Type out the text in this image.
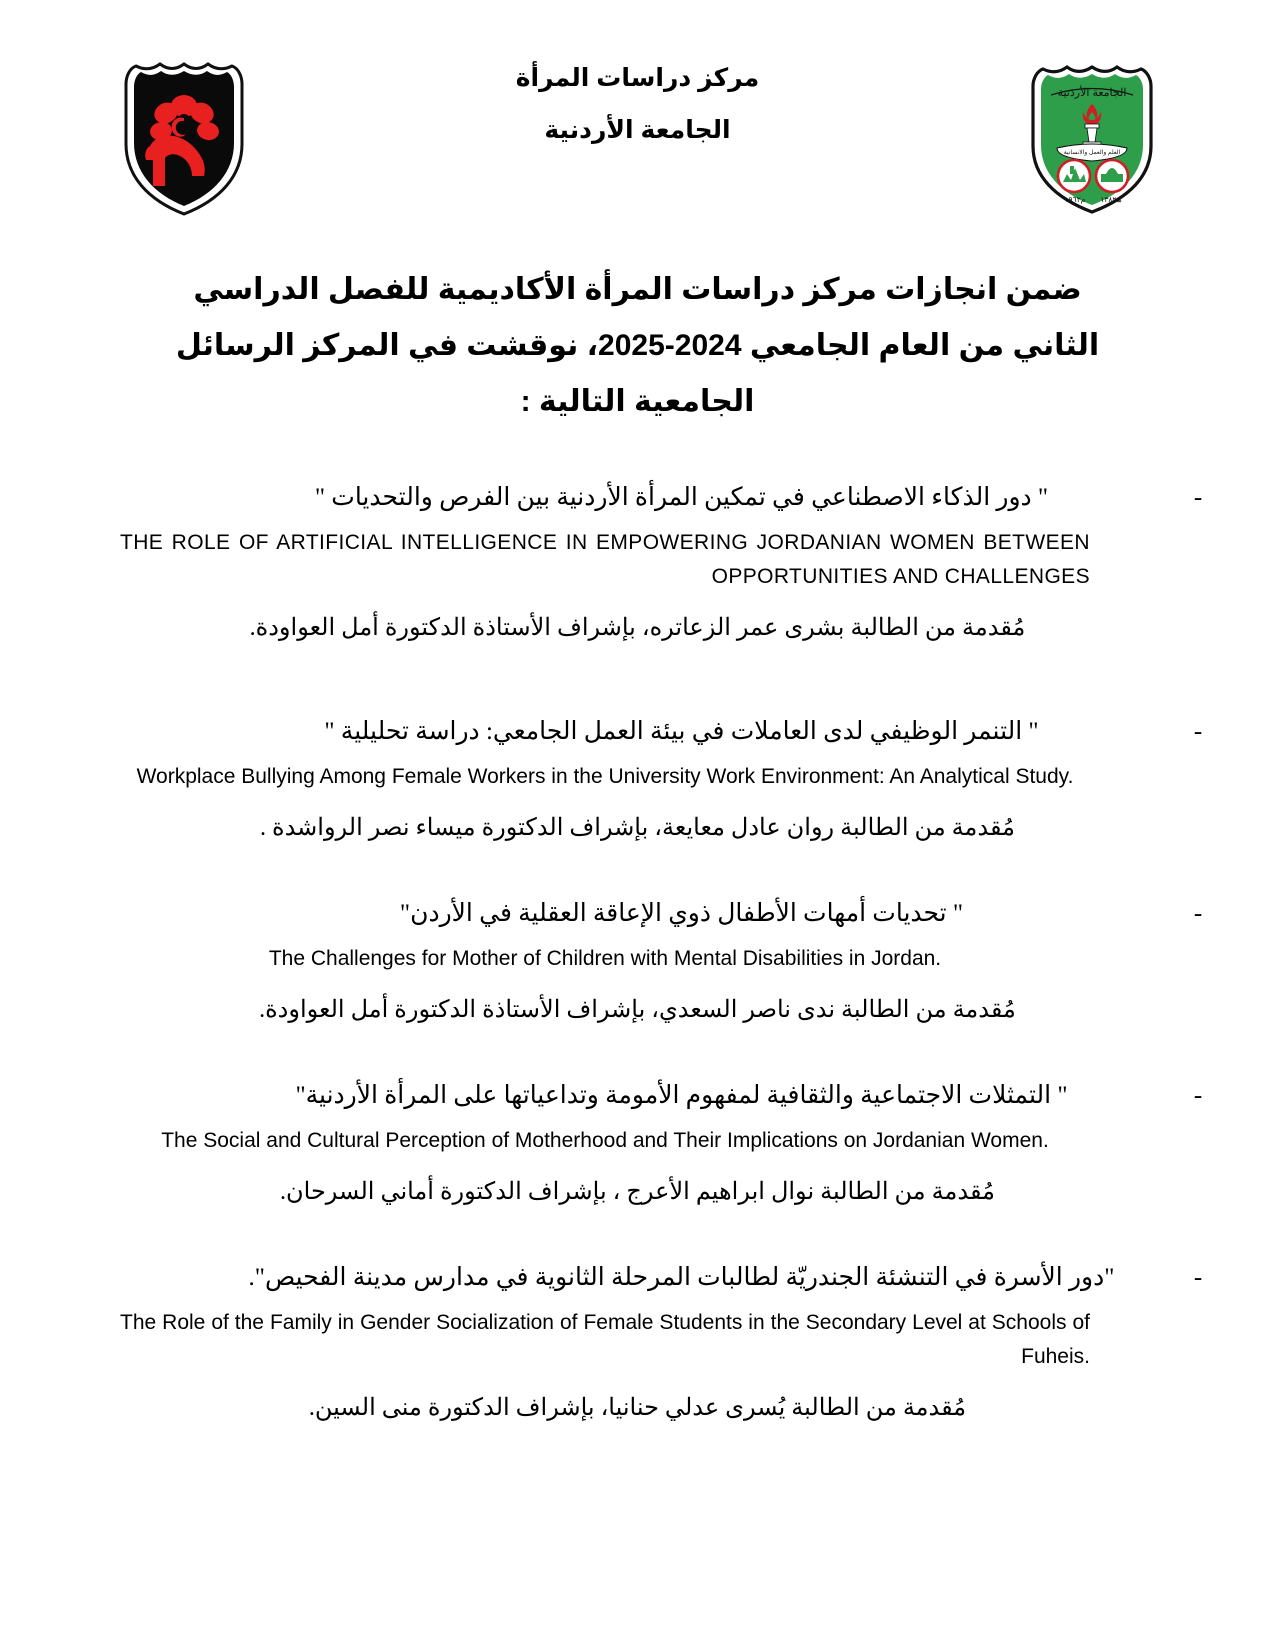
مركز دراسات المرأة
الجامعة الأردنية
الجامعة الأردنية
العلم والعمل والانسانية
م١٩٦٢ ھ١٣٨٢
ضمن انجازات مركز دراسات المرأة الأكاديمية للفصل الدراسي الثاني من العام الجامعي 2024-2025، نوقشت في المركز الرسائل الجامعية التالية :
-
" دور الذكاء الاصطناعي في تمكين المرأة الأردنية بين الفرص والتحديات "
THE ROLE OF ARTIFICIAL INTELLIGENCE IN EMPOWERING JORDANIAN WOMEN BETWEEN OPPORTUNITIES AND CHALLENGES
مُقدمة من الطالبة بشرى عمر الزعاتره، بإشراف الأستاذة الدكتورة أمل العواودة.
-
" التنمر الوظيفي لدى العاملات في بيئة العمل الجامعي: دراسة تحليلية "
Workplace Bullying Among Female Workers in the University Work Environment: An Analytical Study.
مُقدمة من الطالبة روان عادل معايعة، بإشراف الدكتورة ميساء نصر الرواشدة .
-
" تحديات أمهات الأطفال ذوي الإعاقة العقلية في الأردن"
The Challenges for Mother of Children with Mental Disabilities in Jordan.
مُقدمة من الطالبة ندى ناصر السعدي، بإشراف الأستاذة الدكتورة أمل العواودة.
-
" التمثلات الاجتماعية والثقافية لمفهوم الأمومة وتداعياتها على المرأة الأردنية"
The Social and Cultural Perception of Motherhood and Their Implications on Jordanian Women.
مُقدمة من الطالبة نوال ابراهيم الأعرج ، بإشراف الدكتورة أماني السرحان.
-
"دور الأسرة في التنشئة الجندريّة لطالبات المرحلة الثانوية في مدارس مدينة الفحيص".
The Role of the Family in Gender Socialization of Female Students in the Secondary Level at Schools of Fuheis.
مُقدمة من الطالبة يُسرى عدلي حنانيا، بإشراف الدكتورة منى السين.
